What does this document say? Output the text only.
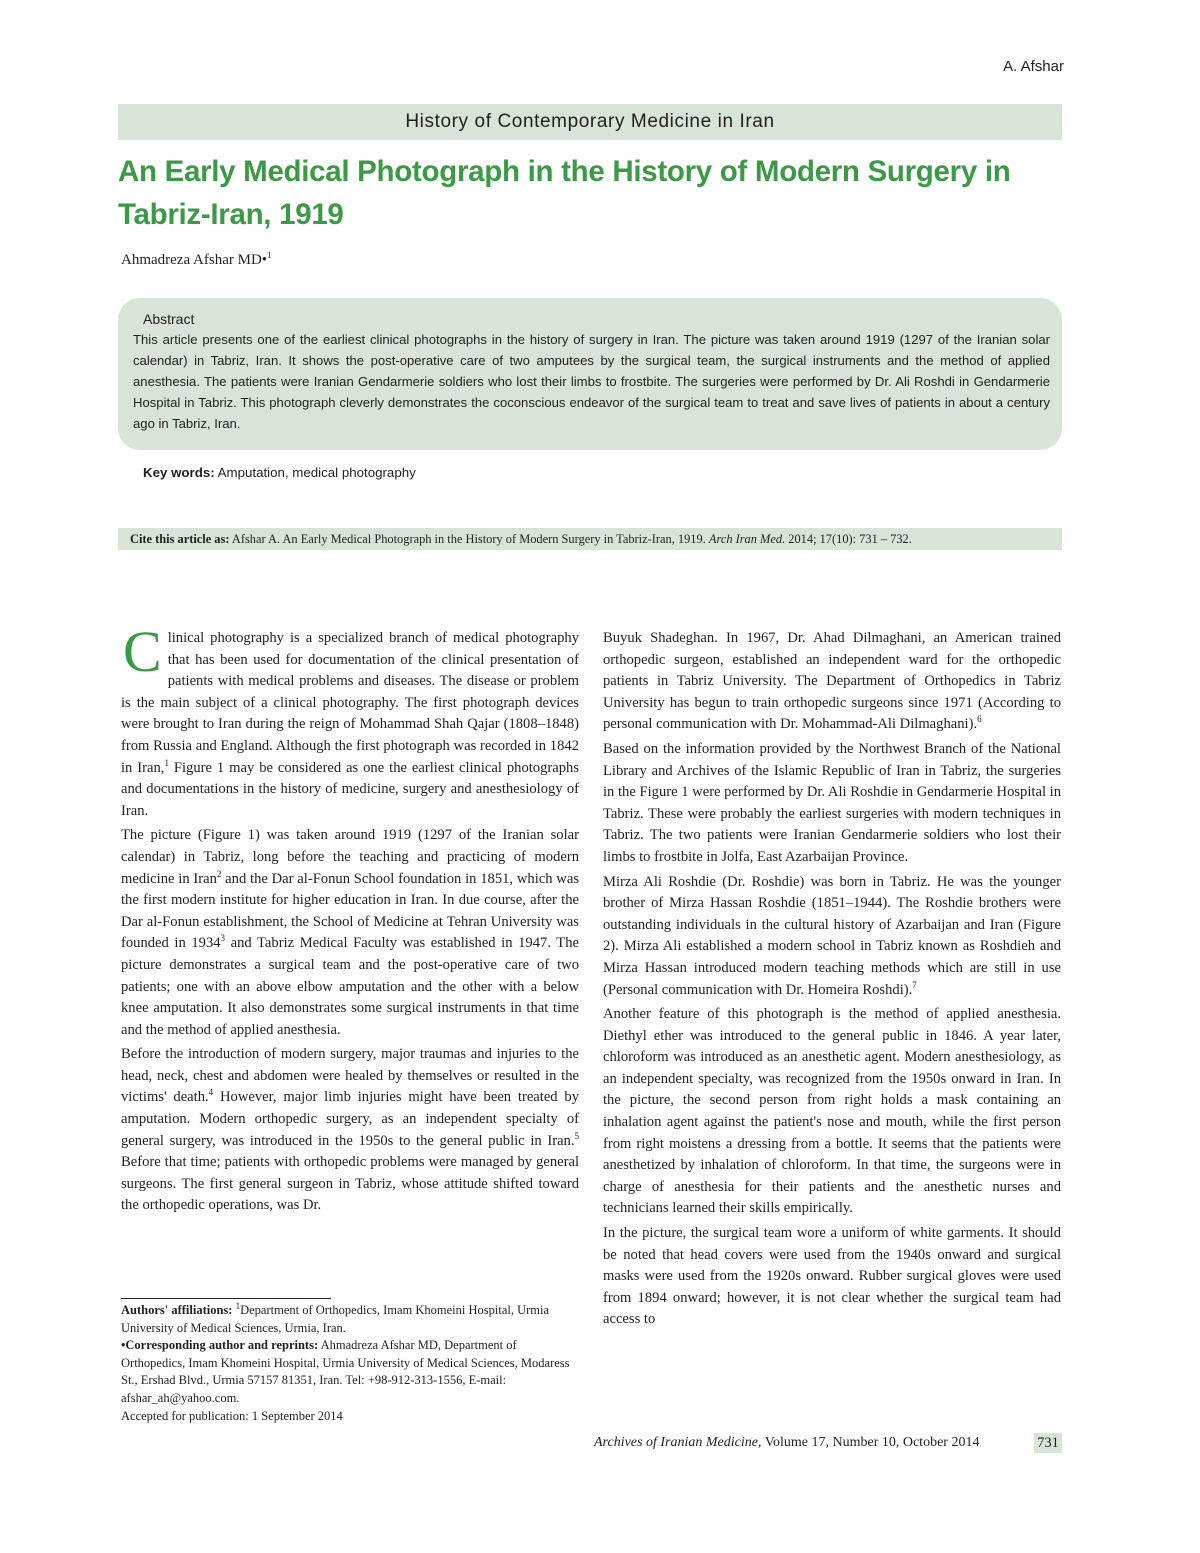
A. Afshar
History of Contemporary Medicine in Iran
An Early Medical Photograph in the History of Modern Surgery in Tabriz-Iran, 1919
Ahmadreza Afshar MD•$^1$
Abstract

This article presents one of the earliest clinical photographs in the history of surgery in Iran. The picture was taken around 1919 (1297 of the Iranian solar calendar) in Tabriz, Iran. It shows the post-operative care of two amputees by the surgical team, the surgical instruments and the method of applied anesthesia. The patients were Iranian Gendarmerie soldiers who lost their limbs to frostbite. The surgeries were performed by Dr. Ali Roshdi in Gendarmerie Hospital in Tabriz. This photograph cleverly demonstrates the coconscious endeavor of the surgical team to treat and save lives of patients in about a century ago in Tabriz, Iran.

Key words: Amputation, medical photography
Cite this article as: Afshar A. An Early Medical Photograph in the History of Modern Surgery in Tabriz-Iran, 1919. Arch Iran Med. 2014; 17(10): 731 – 732.

Clinical photography is a specialized branch of medical photography that has been used for documentation of the clinical presentation of patients with medical problems and diseases. The disease or problem is the main subject of a clinical photography. The first photograph devices were brought to Iran during the reign of Mohammad Shah Qajar (1808–1848) from Russia and England. Although the first photograph was recorded in 1842 in Iran,$^1$ Figure 1 may be considered as one the earliest clinical photographs and documentations in the history of medicine, surgery and anesthesiology of Iran.

The picture (Figure 1) was taken around 1919 (1297 of the Iranian solar calendar) in Tabriz, long before the teaching and practicing of modern medicine in Iran$^2$ and the Dar al-Fonun School foundation in 1851, which was the first modern institute for higher education in Iran. In due course, after the Dar al-Fonun establishment, the School of Medicine at Tehran University was founded in 1934$^3$ and Tabriz Medical Faculty was established in 1947. The picture demonstrates a surgical team and the post-operative care of two patients; one with an above elbow amputation and the other with a below knee amputation. It also demonstrates some surgical instruments in that time and the method of applied anesthesia.

Before the introduction of modern surgery, major traumas and injuries to the head, neck, chest and abdomen were healed by themselves or resulted in the victims' death.$^4$ However, major limb injuries might have been treated by amputation. Modern orthopedic surgery, as an independent specialty of general surgery, was introduced in the 1950s to the general public in Iran.$^5$ Before that time; patients with orthopedic problems were managed by general surgeons. The first general surgeon in Tabriz, whose attitude shifted toward the orthopedic operations, was Dr.

Buyuk Shadeghan. In 1967, Dr. Ahad Dilmaghani, an American trained orthopedic surgeon, established an independent ward for the orthopedic patients in Tabriz University. The Department of Orthopedics in Tabriz University has begun to train orthopedic surgeons since 1971 (According to personal communication with Dr. Mohammad-Ali Dilmaghani).$^6$

Based on the information provided by the Northwest Branch of the National Library and Archives of the Islamic Republic of Iran in Tabriz, the surgeries in the Figure 1 were performed by Dr. Ali Roshdie in Gendarmerie Hospital in Tabriz. These were probably the earliest surgeries with modern techniques in Tabriz. The two patients were Iranian Gendarmerie soldiers who lost their limbs to frostbite in Jolfa, East Azarbaijan Province.

Mirza Ali Roshdie (Dr. Roshdie) was born in Tabriz. He was the younger brother of Mirza Hassan Roshdie (1851–1944). The Roshdie brothers were outstanding individuals in the cultural history of Azarbaijan and Iran (Figure 2). Mirza Ali established a modern school in Tabriz known as Roshdieh and Mirza Hassan introduced modern teaching methods which are still in use (Personal communication with Dr. Homeira Roshdi).$^7$

Another feature of this photograph is the method of applied anesthesia. Diethyl ether was introduced to the general public in 1846. A year later, chloroform was introduced as an anesthetic agent. Modern anesthesiology, as an independent specialty, was recognized from the 1950s onward in Iran. In the picture, the second person from right holds a mask containing an inhalation agent against the patient's nose and mouth, while the first person from right moistens a dressing from a bottle. It seems that the patients were anesthetized by inhalation of chloroform. In that time, the surgeons were in charge of anesthesia for their patients and the anesthetic nurses and technicians learned their skills empirically.

In the picture, the surgical team wore a uniform of white garments. It should be noted that head covers were used from the 1940s onward and surgical masks were used from the 1920s onward. Rubber surgical gloves were used from 1894 onward; however, it is not clear whether the surgical team had access to

Authors' affiliations: $^1$Department of Orthopedics, Imam Khomeini Hospital, Urmia University of Medical Sciences, Urmia, Iran.

•Corresponding author and reprints: Ahmadreza Afshar MD, Department of Orthopedics, Imam Khomeini Hospital, Urmia University of Medical Sciences, Modaress St., Ershad Blvd., Urmia 57157 81351, Iran. Tel: +98-912-313-1556, E-mail: afshar_ah@yahoo.com.

Accepted for publication: 1 September 2014

Archives of Iranian Medicine, Volume 17, Number 10, October 2014	731
